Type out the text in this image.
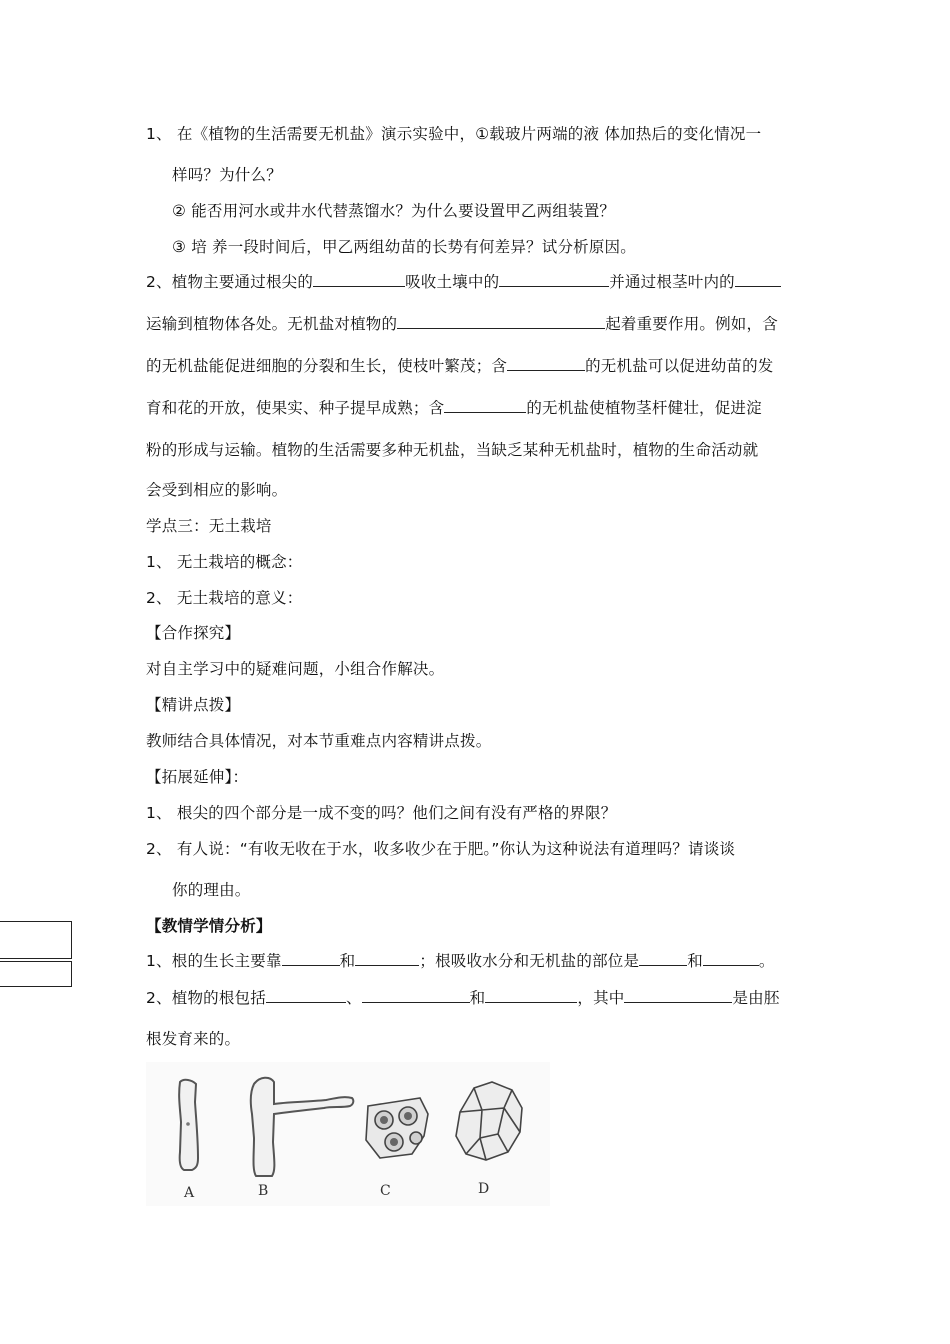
1、 在《植物的生活需要无机盐》演示实验中，①载玻片两端的液 体加热后的变化情况一
样吗？为什么？
② 能否用河水或井水代替蒸馏水？为什么要设置甲乙两组装置？
③ 培 养一段时间后，甲乙两组幼苗的长势有何差异？试分析原因。
2、植物主要通过根尖的	吸收土壤中的	并通过根茎叶内的
运输到植物体各处。无机盐对植物的	起着重要作用。例如，含
的无机盐能促进细胞的分裂和生长，使枝叶繁茂；含	的无机盐可以促进幼苗的发
育和花的开放，使果实、种子提早成熟；含	的无机盐使植物茎杆健壮，促进淀
粉的形成与运输。植物的生活需要多种无机盐，当缺乏某种无机盐时，植物的生命活动就
会受到相应的影响。
学点三：无土栽培
1、 无土栽培的概念：
2、 无土栽培的意义：
【合作探究】
对自主学习中的疑难问题，小组合作解决。
【精讲点拨】
教师结合具体情况，对本节重难点内容精讲点拨。
【拓展延伸】：
1、 根尖的四个部分是一成不变的吗？他们之间有没有严格的界限？
2、 有人说：“有收无收在于水，收多收少在于肥。”你认为这种说法有道理吗？请谈谈
你的理由。
【教情学情分析】
1、根的生长主要靠	和	；根吸收水分和无机盐的部位是	和	。
2、植物的根包括	、	和	，其中	是由胚
根发育来的。
A	B	C	D
